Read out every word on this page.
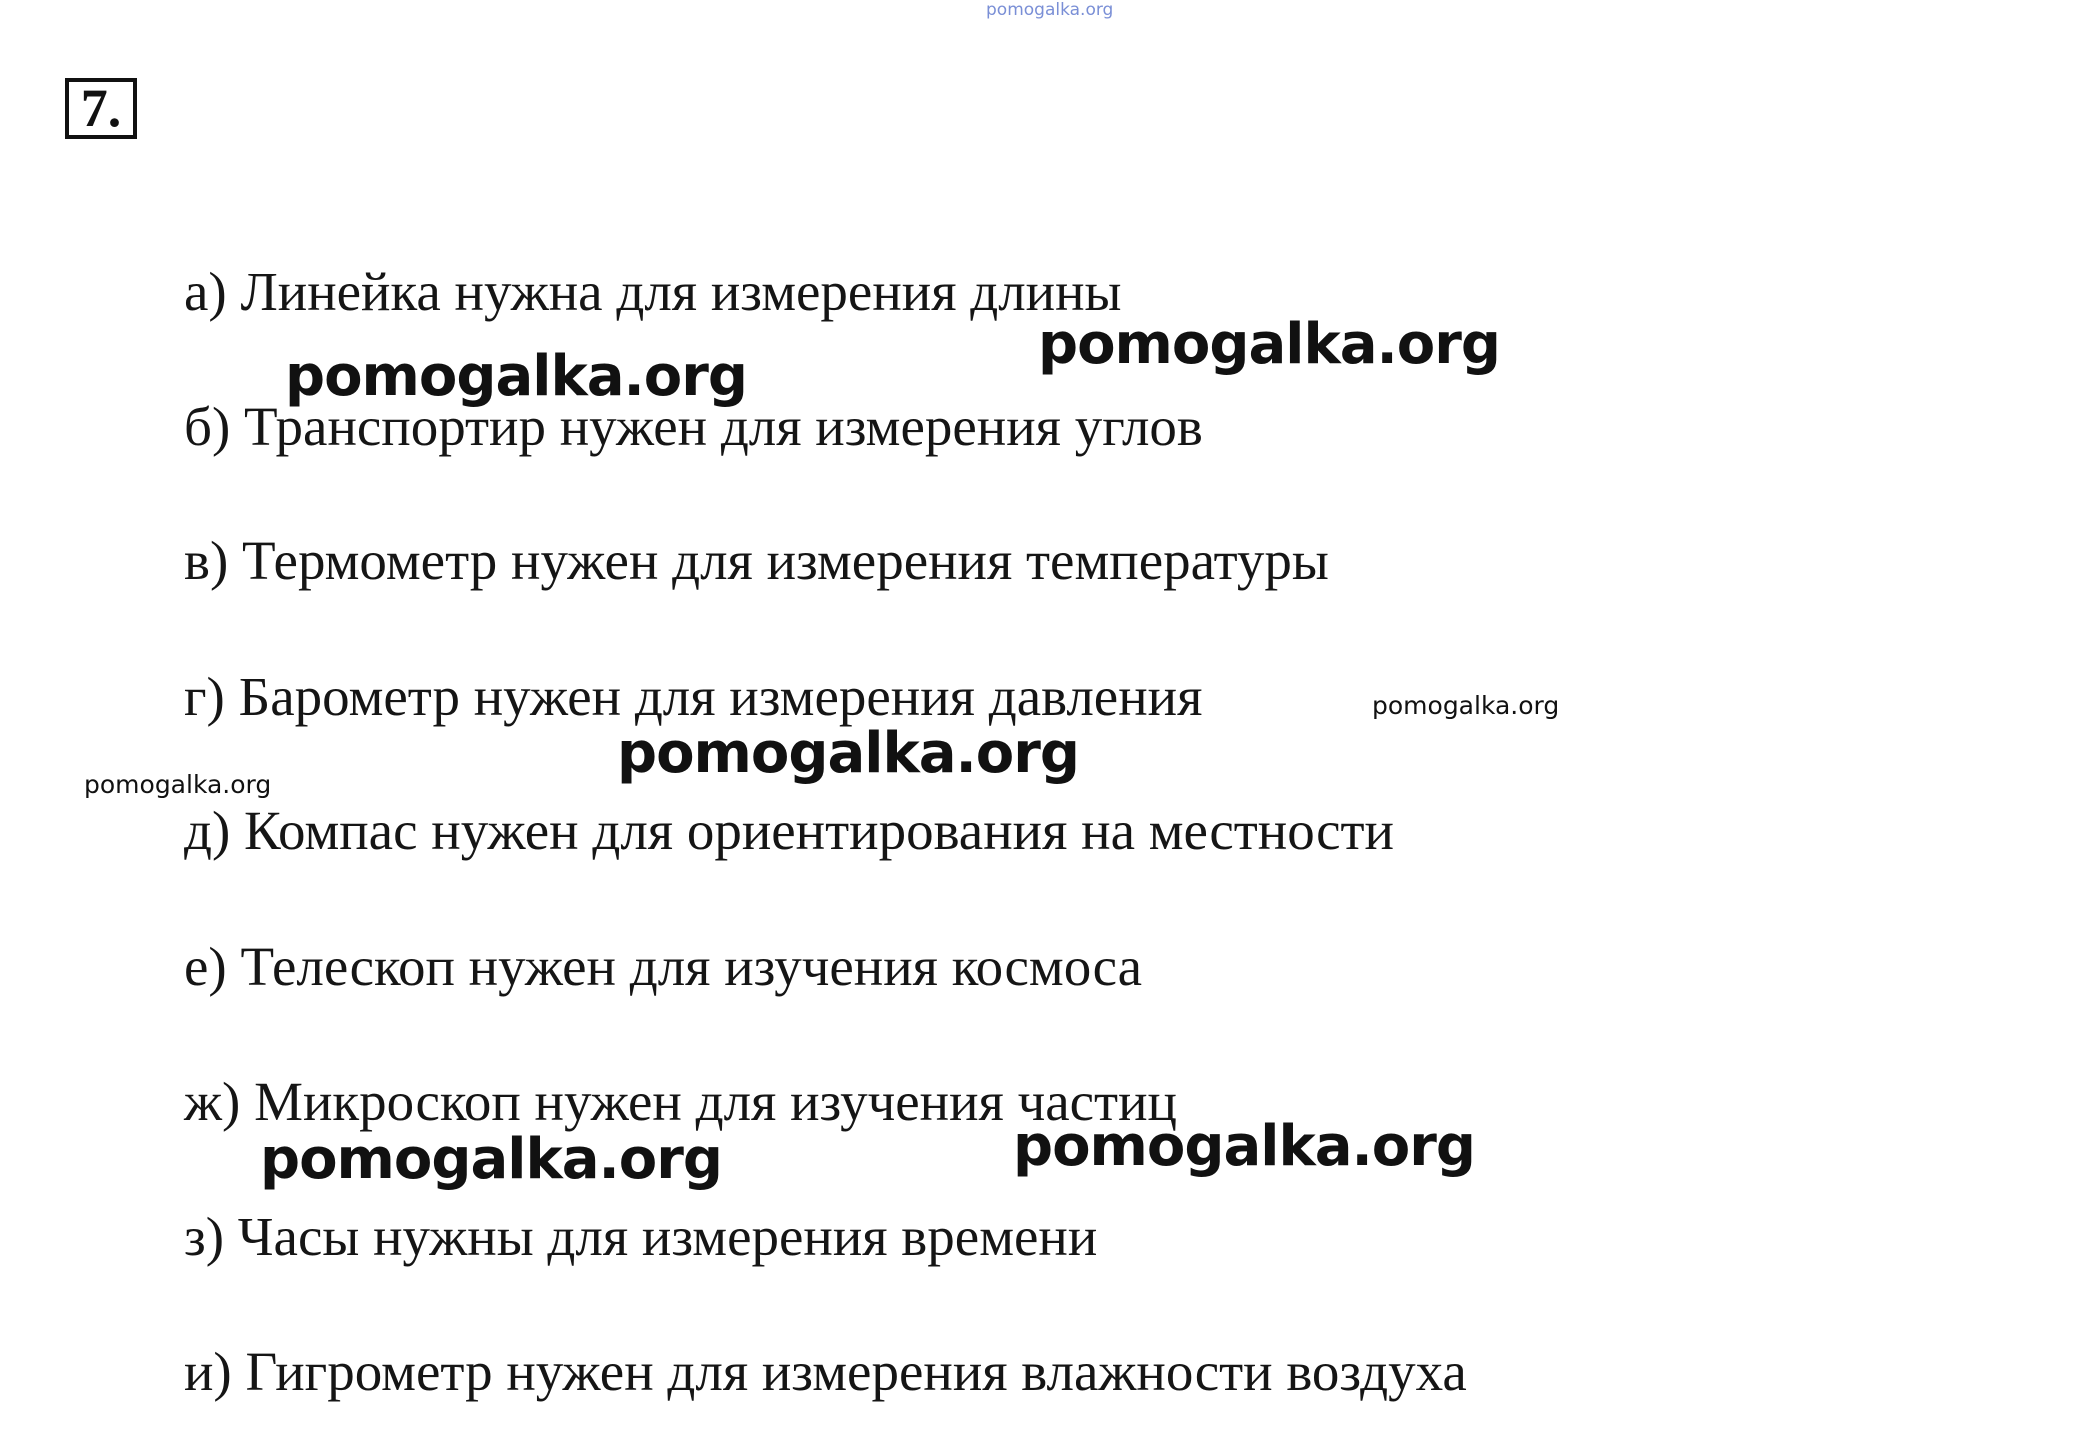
pomogalka.org
7.
а) Линейка нужна для измерения длины
б) Транспортир нужен для измерения углов
в) Термометр нужен для измерения температуры
г) Барометр нужен для измерения давления
д) Компас нужен для ориентирования на местности
е) Телескоп нужен для изучения космоса
ж) Микроскоп нужен для изучения частиц
з) Часы нужны для измерения времени
и) Гигрометр нужен для измерения влажности воздуха
pomogalka.org	pomogalka.org
pomogalka.org
pomogalka.org	pomogalka.org
pomogalka.org
pomogalka.org
